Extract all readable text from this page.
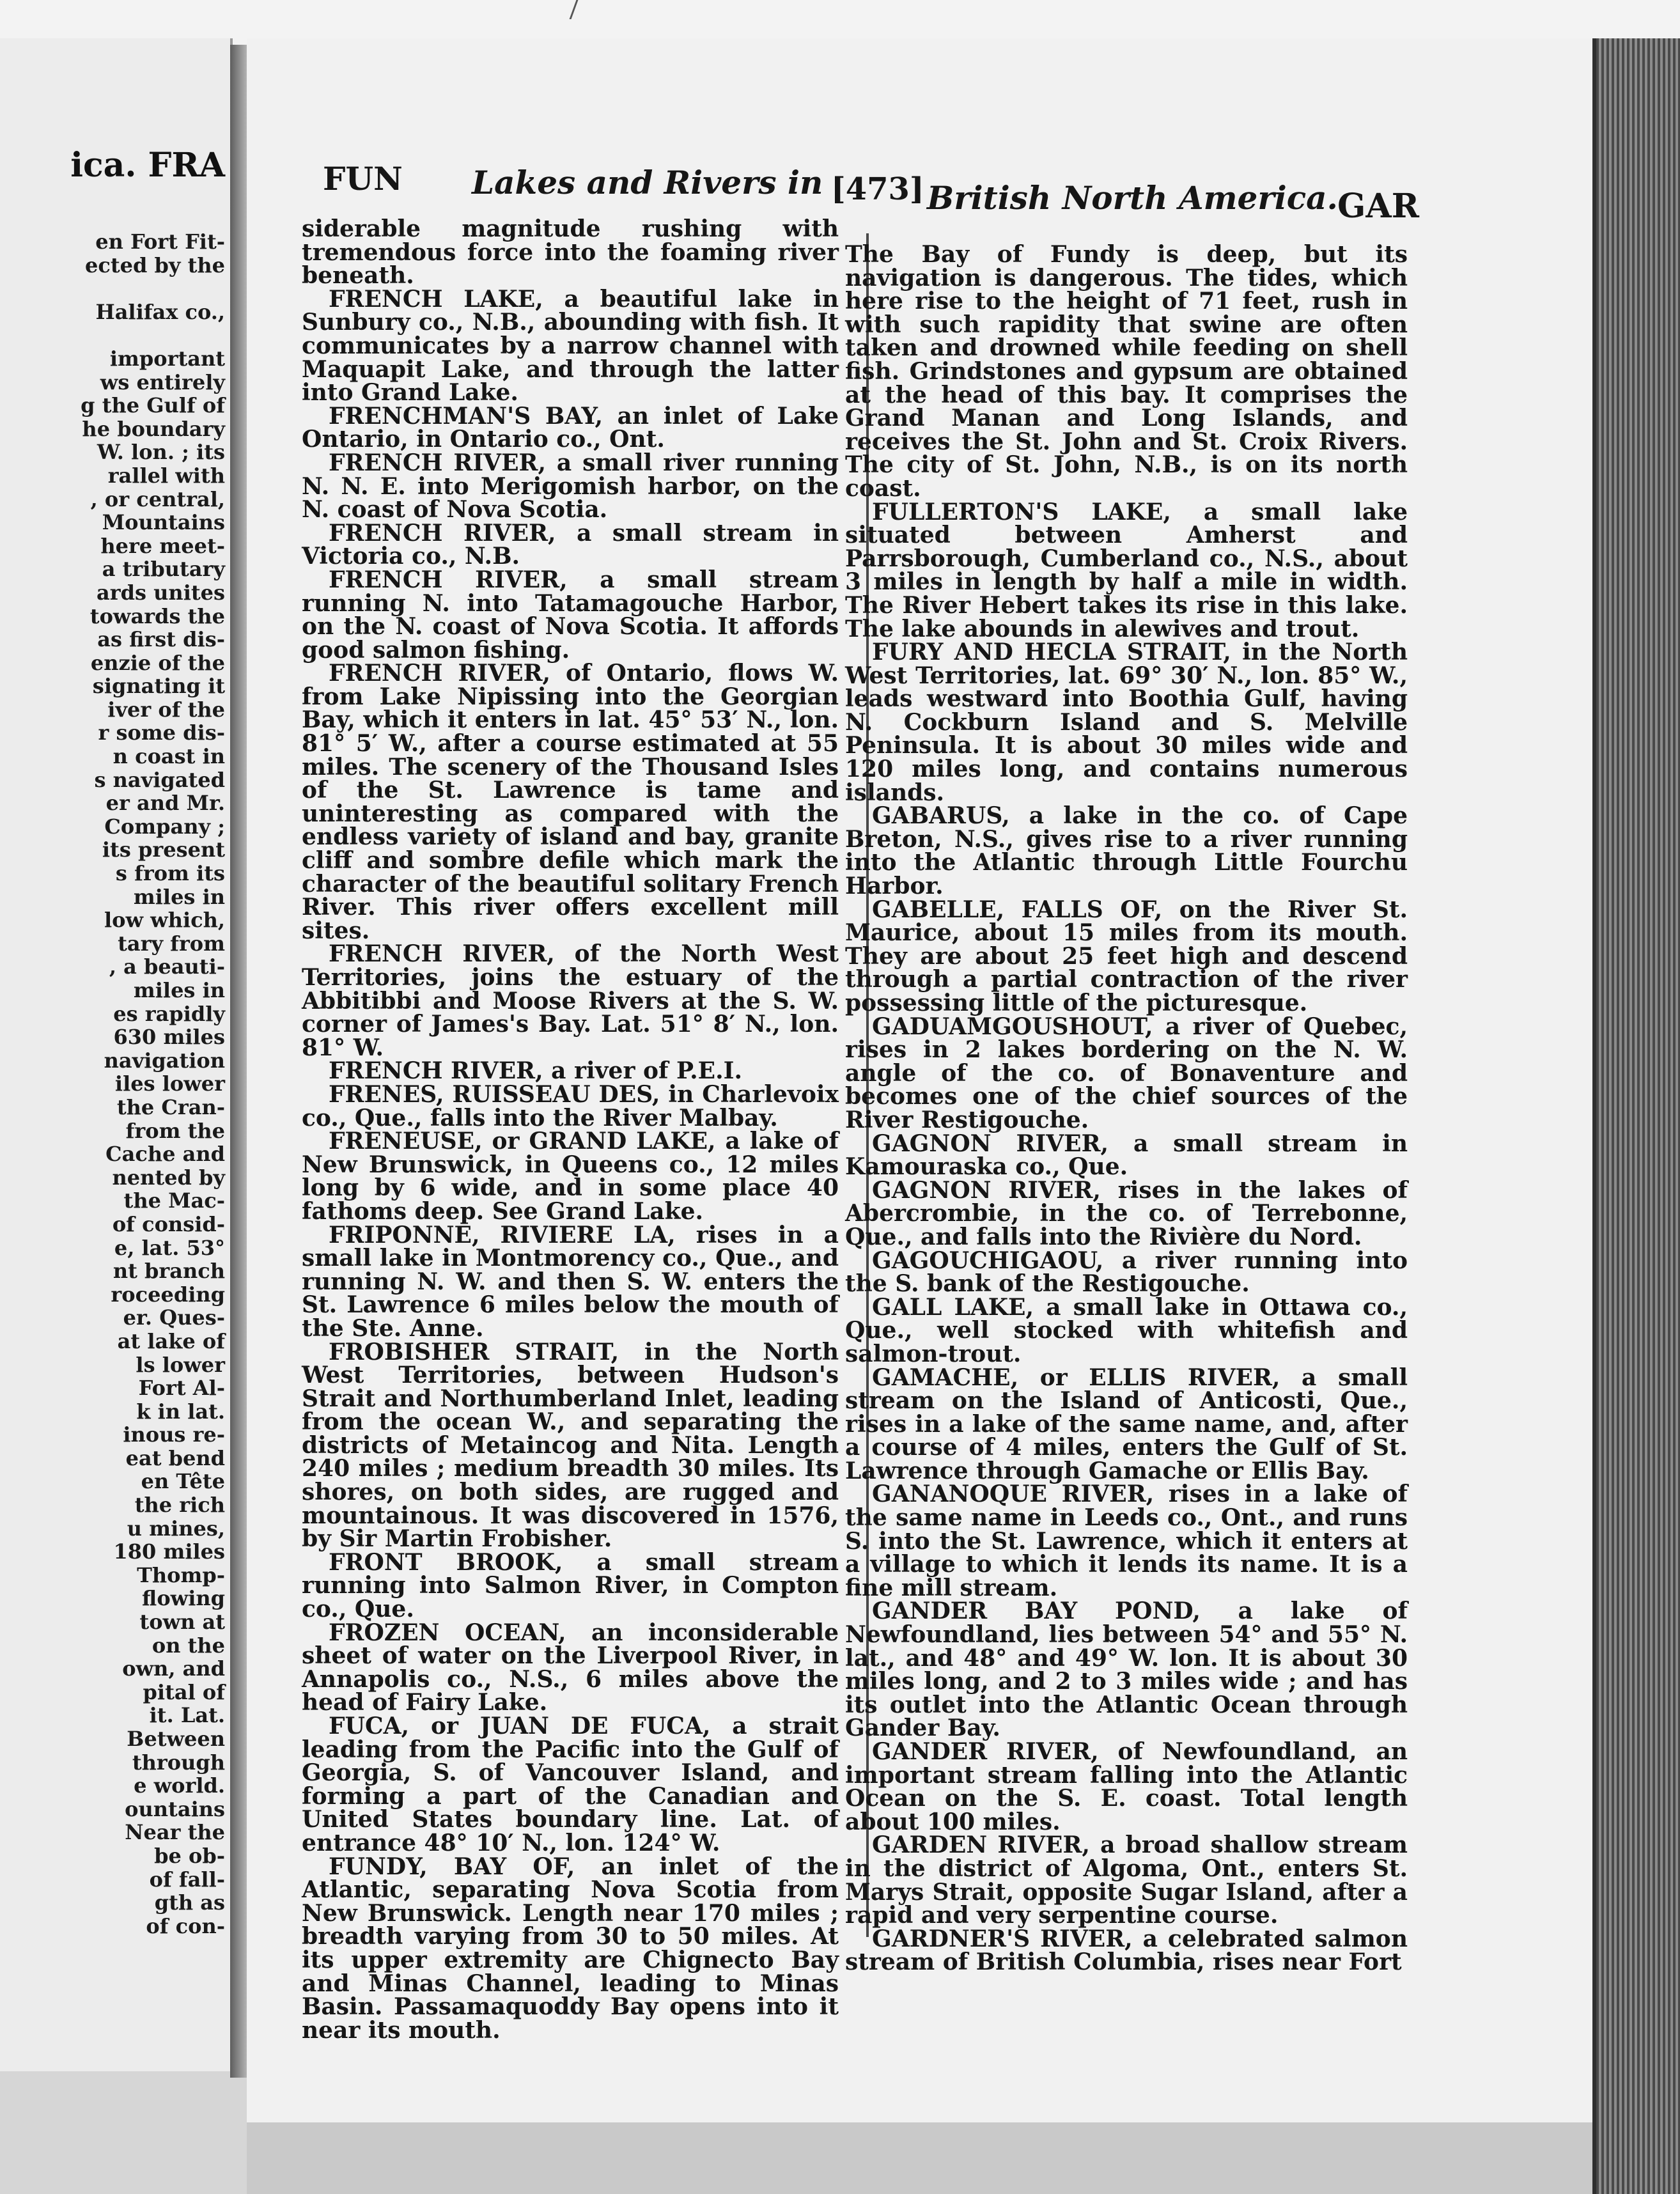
ica. FRA
en Fort Fit-
ected by the
Halifax co.,
important
ws entirely
g the Gulf of
he boundary
W. lon. ; its
rallel with
, or central,
Mountains
here meet-
a tributary
ards unites
towards the
as first dis-
enzie of the
signating it
iver of the
r some dis-
n coast in
s navigated
er and Mr.
Company ;
its present
s from its
miles in
low which,
tary from
, a beauti-
miles in
es rapidly
630 miles
navigation
iles lower
the Cran-
from the
Cache and
nented by
the Mac-
of consid-
e, lat. 53°
nt branch
roceeding
er. Ques-
at lake of
ls lower
Fort Al-
k in lat.
inous re-
eat bend
en Tête
the rich
u mines,
180 miles
Thomp-
flowing
town at
on the
own, and
pital of
it. Lat.
Between
through
e world.
ountains
Near the
be ob-
of fall-
gth as
of con-
FUN Lakes and Rivers in [473] British North America. GAR

siderable magnitude rushing with tremendous force into the foaming river beneath.

FRENCH LAKE, a beautiful lake in Sunbury co., N.B., abounding with fish. It communicates by a narrow channel with Maquapit Lake, and through the latter into Grand Lake.

FRENCHMAN'S BAY, an inlet of Lake Ontario, in Ontario co., Ont.

FRENCH RIVER, a small river running N. N. E. into Merigomish harbor, on the N. coast of Nova Scotia.

FRENCH RIVER, a small stream in Victoria co., N.B.

FRENCH RIVER, a small stream running N. into Tatamagouche Harbor, on the N. coast of Nova Scotia. It affords good salmon fishing.

FRENCH RIVER, of Ontario, flows W. from Lake Nipissing into the Georgian Bay, which it enters in lat. 45° 53′ N., lon. 81° 5′ W., after a course estimated at 55 miles. The scenery of the Thousand Isles of the St. Lawrence is tame and uninteresting as compared with the endless variety of island and bay, granite cliff and sombre defile which mark the character of the beautiful solitary French River. This river offers excellent mill sites.

FRENCH RIVER, of the North West Territories, joins the estuary of the Abbitibbi and Moose Rivers at the S. W. corner of James's Bay. Lat. 51° 8′ N., lon. 81° W.

FRENCH RIVER, a river of P.E.I.

FRENES, RUISSEAU DES, in Charlevoix co., Que., falls into the River Malbay.

FRENEUSE, or GRAND LAKE, a lake of New Brunswick, in Queens co., 12 miles long by 6 wide, and in some place 40 fathoms deep. See Grand Lake.

FRIPONNE, RIVIERE LA, rises in a small lake in Montmorency co., Que., and running N. W. and then S. W. enters the St. Lawrence 6 miles below the mouth of the Ste. Anne.

FROBISHER STRAIT, in the North West Territories, between Hudson's Strait and Northumberland Inlet, leading from the ocean W., and separating the districts of Metaincog and Nita. Length 240 miles ; medium breadth 30 miles. Its shores, on both sides, are rugged and mountainous. It was discovered in 1576, by Sir Martin Frobisher.

FRONT BROOK, a small stream running into Salmon River, in Compton co., Que.

FROZEN OCEAN, an inconsiderable sheet of water on the Liverpool River, in Annapolis co., N.S., 6 miles above the head of Fairy Lake.

FUCA, or JUAN DE FUCA, a strait leading from the Pacific into the Gulf of Georgia, S. of Vancouver Island, and forming a part of the Canadian and United States boundary line. Lat. of entrance 48° 10′ N., lon. 124° W.

FUNDY, BAY OF, an inlet of the Atlantic, separating Nova Scotia from New Brunswick. Length near 170 miles ; breadth varying from 30 to 50 miles. At its upper extremity are Chignecto Bay and Minas Channel, leading to Minas Basin. Passamaquoddy Bay opens into it near its mouth.

The Bay of Fundy is deep, but its navigation is dangerous. The tides, which here rise to the height of 71 feet, rush in with such rapidity that swine are often taken and drowned while feeding on shell fish. Grindstones and gypsum are obtained at the head of this bay. It comprises the Grand Manan and Long Islands, and receives the St. John and St. Croix Rivers. The city of St. John, N.B., is on its north coast.

FULLERTON'S LAKE, a small lake situated between Amherst and Parrsborough, Cumberland co., N.S., about 3 miles in length by half a mile in width. The River Hebert takes its rise in this lake. The lake abounds in alewives and trout.

FURY AND HECLA STRAIT, in the North West Territories, lat. 69° 30′ N., lon. 85° W., leads westward into Boothia Gulf, having N. Cockburn Island and S. Melville Peninsula. It is about 30 miles wide and 120 miles long, and contains numerous islands.

GABARUS, a lake in the co. of Cape Breton, N.S., gives rise to a river running into the Atlantic through Little Fourchu Harbor.

GABELLE, FALLS OF, on the River St. Maurice, about 15 miles from its mouth. They are about 25 feet high and descend through a partial contraction of the river possessing little of the picturesque.

GADUAMGOUSHOUT, a river of Quebec, rises in 2 lakes bordering on the N. W. angle of the co. of Bonaventure and becomes one of the chief sources of the River Restigouche.

GAGNON RIVER, a small stream in Kamouraska co., Que.

GAGNON RIVER, rises in the lakes of Abercrombie, in the co. of Terrebonne, Que., and falls into the Rivière du Nord.

GAGOUCHIGAOU, a river running into the S. bank of the Restigouche.

GALL LAKE, a small lake in Ottawa co., Que., well stocked with whitefish and salmon-trout.

GAMACHE, or ELLIS RIVER, a small stream on the Island of Anticosti, Que., rises in a lake of the same name, and, after a course of 4 miles, enters the Gulf of St. Lawrence through Gamache or Ellis Bay.

GANANOQUE RIVER, rises in a lake of the same name in Leeds co., Ont., and runs S. into the St. Lawrence, which it enters at a village to which it lends its name. It is a fine mill stream.

GANDER BAY POND, a lake of Newfoundland, lies between 54° and 55° N. lat., and 48° and 49° W. lon. It is about 30 miles long, and 2 to 3 miles wide ; and has its outlet into the Atlantic Ocean through Gander Bay.

GANDER RIVER, of Newfoundland, an important stream falling into the Atlantic Ocean on the S. E. coast. Total length about 100 miles.

GARDEN RIVER, a broad shallow stream in the district of Algoma, Ont., enters St. Marys Strait, opposite Sugar Island, after a rapid and very serpentine course.

GARDNER'S RIVER, a celebrated salmon stream of British Columbia, rises near Fort
